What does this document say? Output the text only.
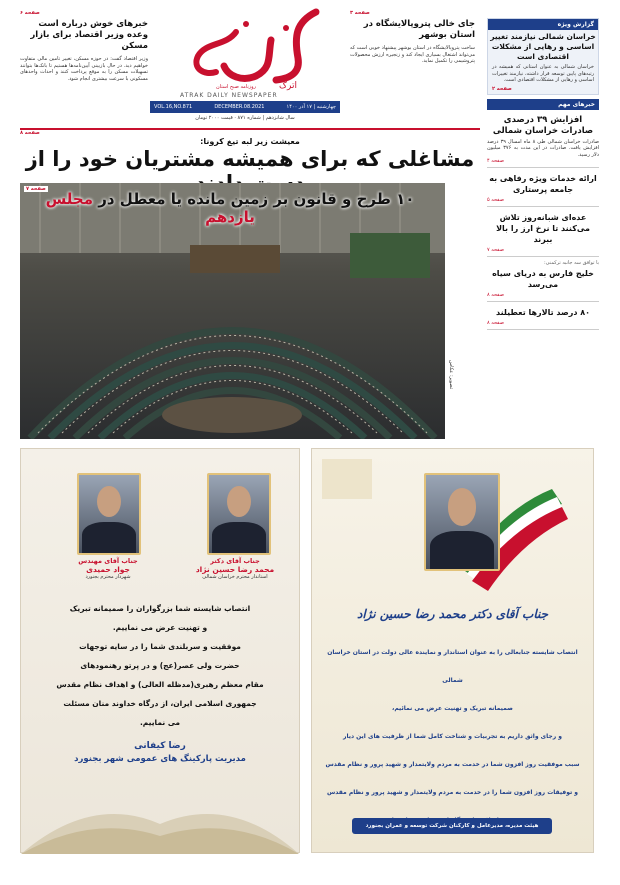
صفحه ۶
خبرهای خوش درباره است وعده وزیر اقتصاد برای بازار مسکن
وزیر اقتصاد گفت: در حوزه مسکن، تغییر تامین مالی متفاوت خواهیم دید. در حال بازبینی آیین‌نامه‌ها هستیم تا بانک‌ها بتوانند تسهیلات مسکن را به موقع پرداخت کنند و احداث واحدهای مسکونی با سرعت بیشتری انجام شود.
اترک
ATRAK DAILY NEWSPAPER
روزنامه صبح استان
VOL.16,NO.871	DECEMBER.08.2021	چهارشنبه | ۱۷ آذر ۱۴۰۰
سال شانزدهم | شماره ۸۷۱ · قیمت ۲۰۰۰ تومان
صفحه ۳
جای خالی پتروپالایشگاه در استان بوشهر
ساخت پتروپالایشگاه در استان بوشهر پیشنهاد خوبی است که می‌تواند اشتغال بسیاری ایجاد کند و زنجیره ارزش محصولات پتروشیمی را تکمیل نماید.
گزارش ویژه
خراسان شمالی نیازمند تغییر اساسی و رهایی از مشکلات اقتصادی است
خراسان شمالی به عنوان استانی که همیشه در رتبه‌های پایین توسعه قرار داشته، نیازمند تغییرات اساسی و رهایی از مشکلات اقتصادی است.
صفحه ۲
خبرهای مهم
افزایش ۳۹ درصدی صادرات خراسان شمالی
صادرات خراسان شمالی طی ۸ ماه امسال ۳۹ درصد افزایش یافت. صادرات در این مدت به ۳۷۶ میلیون دلار رسید.
صفحه ۴
ارائه خدمات ویژه رفاهی به جامعه پرستاری
صفحه ۵
عده‌ای شبانه‌روز تلاش می‌کنند تا نرخ ارز را بالا ببرند
صفحه ۷
با توافق سه جانبه ترکمنی:
خلیج فارس به دریای سیاه می‌رسد
صفحه ۸
۸۰ درصد تالارها تعطیلند
صفحه ۸
صفحه ۸
معیشت زیر لبه تیغ کرونا:
مشاغلی که برای همیشه مشتریان خود را از
صفحه ۷
۱۰ طرح و قانون بر زمین مانده یا معطل در مجلس یازدهم
تصویر: عکاس
جناب آقای دکتر
محمد رضا حسین نژاد
استاندار محترم خراسان شمالی
جناب آقای مهندس
جواد حمیدی
شهردار محترم بجنورد
انتصاب شایسته شما بزرگواران را صمیمانه تبریک
و تهنیت عرض می نماییم.
موفقیت و سربلندی شما را در سایه توجهات
حضرت ولی عصر(عج) و در پرتو رهنمودهای
مقام معظم رهبری(مدظله العالی) و اهداف نظام مقدس
جمهوری اسلامی ایران، از درگاه خداوند منان مسئلت
می نماییم.
رضا کیفانی
مدیریت پارکینگ های عمومی شهر بجنورد
جناب آقای دکتر محمد رضا حسین نژاد
انتصاب شایسته جنابعالی را به عنوان استاندار و نماینده عالی دولت در استان خراسان شمالی
صمیمانه تبریک و تهنیت عرض می نمائیم،
و رجای واثق داریم به تجربیات و شناخت کامل شما از ظرفیت های این دیار
سبب موفقیت روز افزون شما در خدمت به مردم ولایتمدار و شهید پرور و نظام مقدس
و توفیقات روز افزون شما را در خدمت به مردم ولایتمدار و شهید پرور و نظام مقدس
هیئت مدیره، مدیرعامل و کارکنان شرکت توسعه و عمران بجنورد
